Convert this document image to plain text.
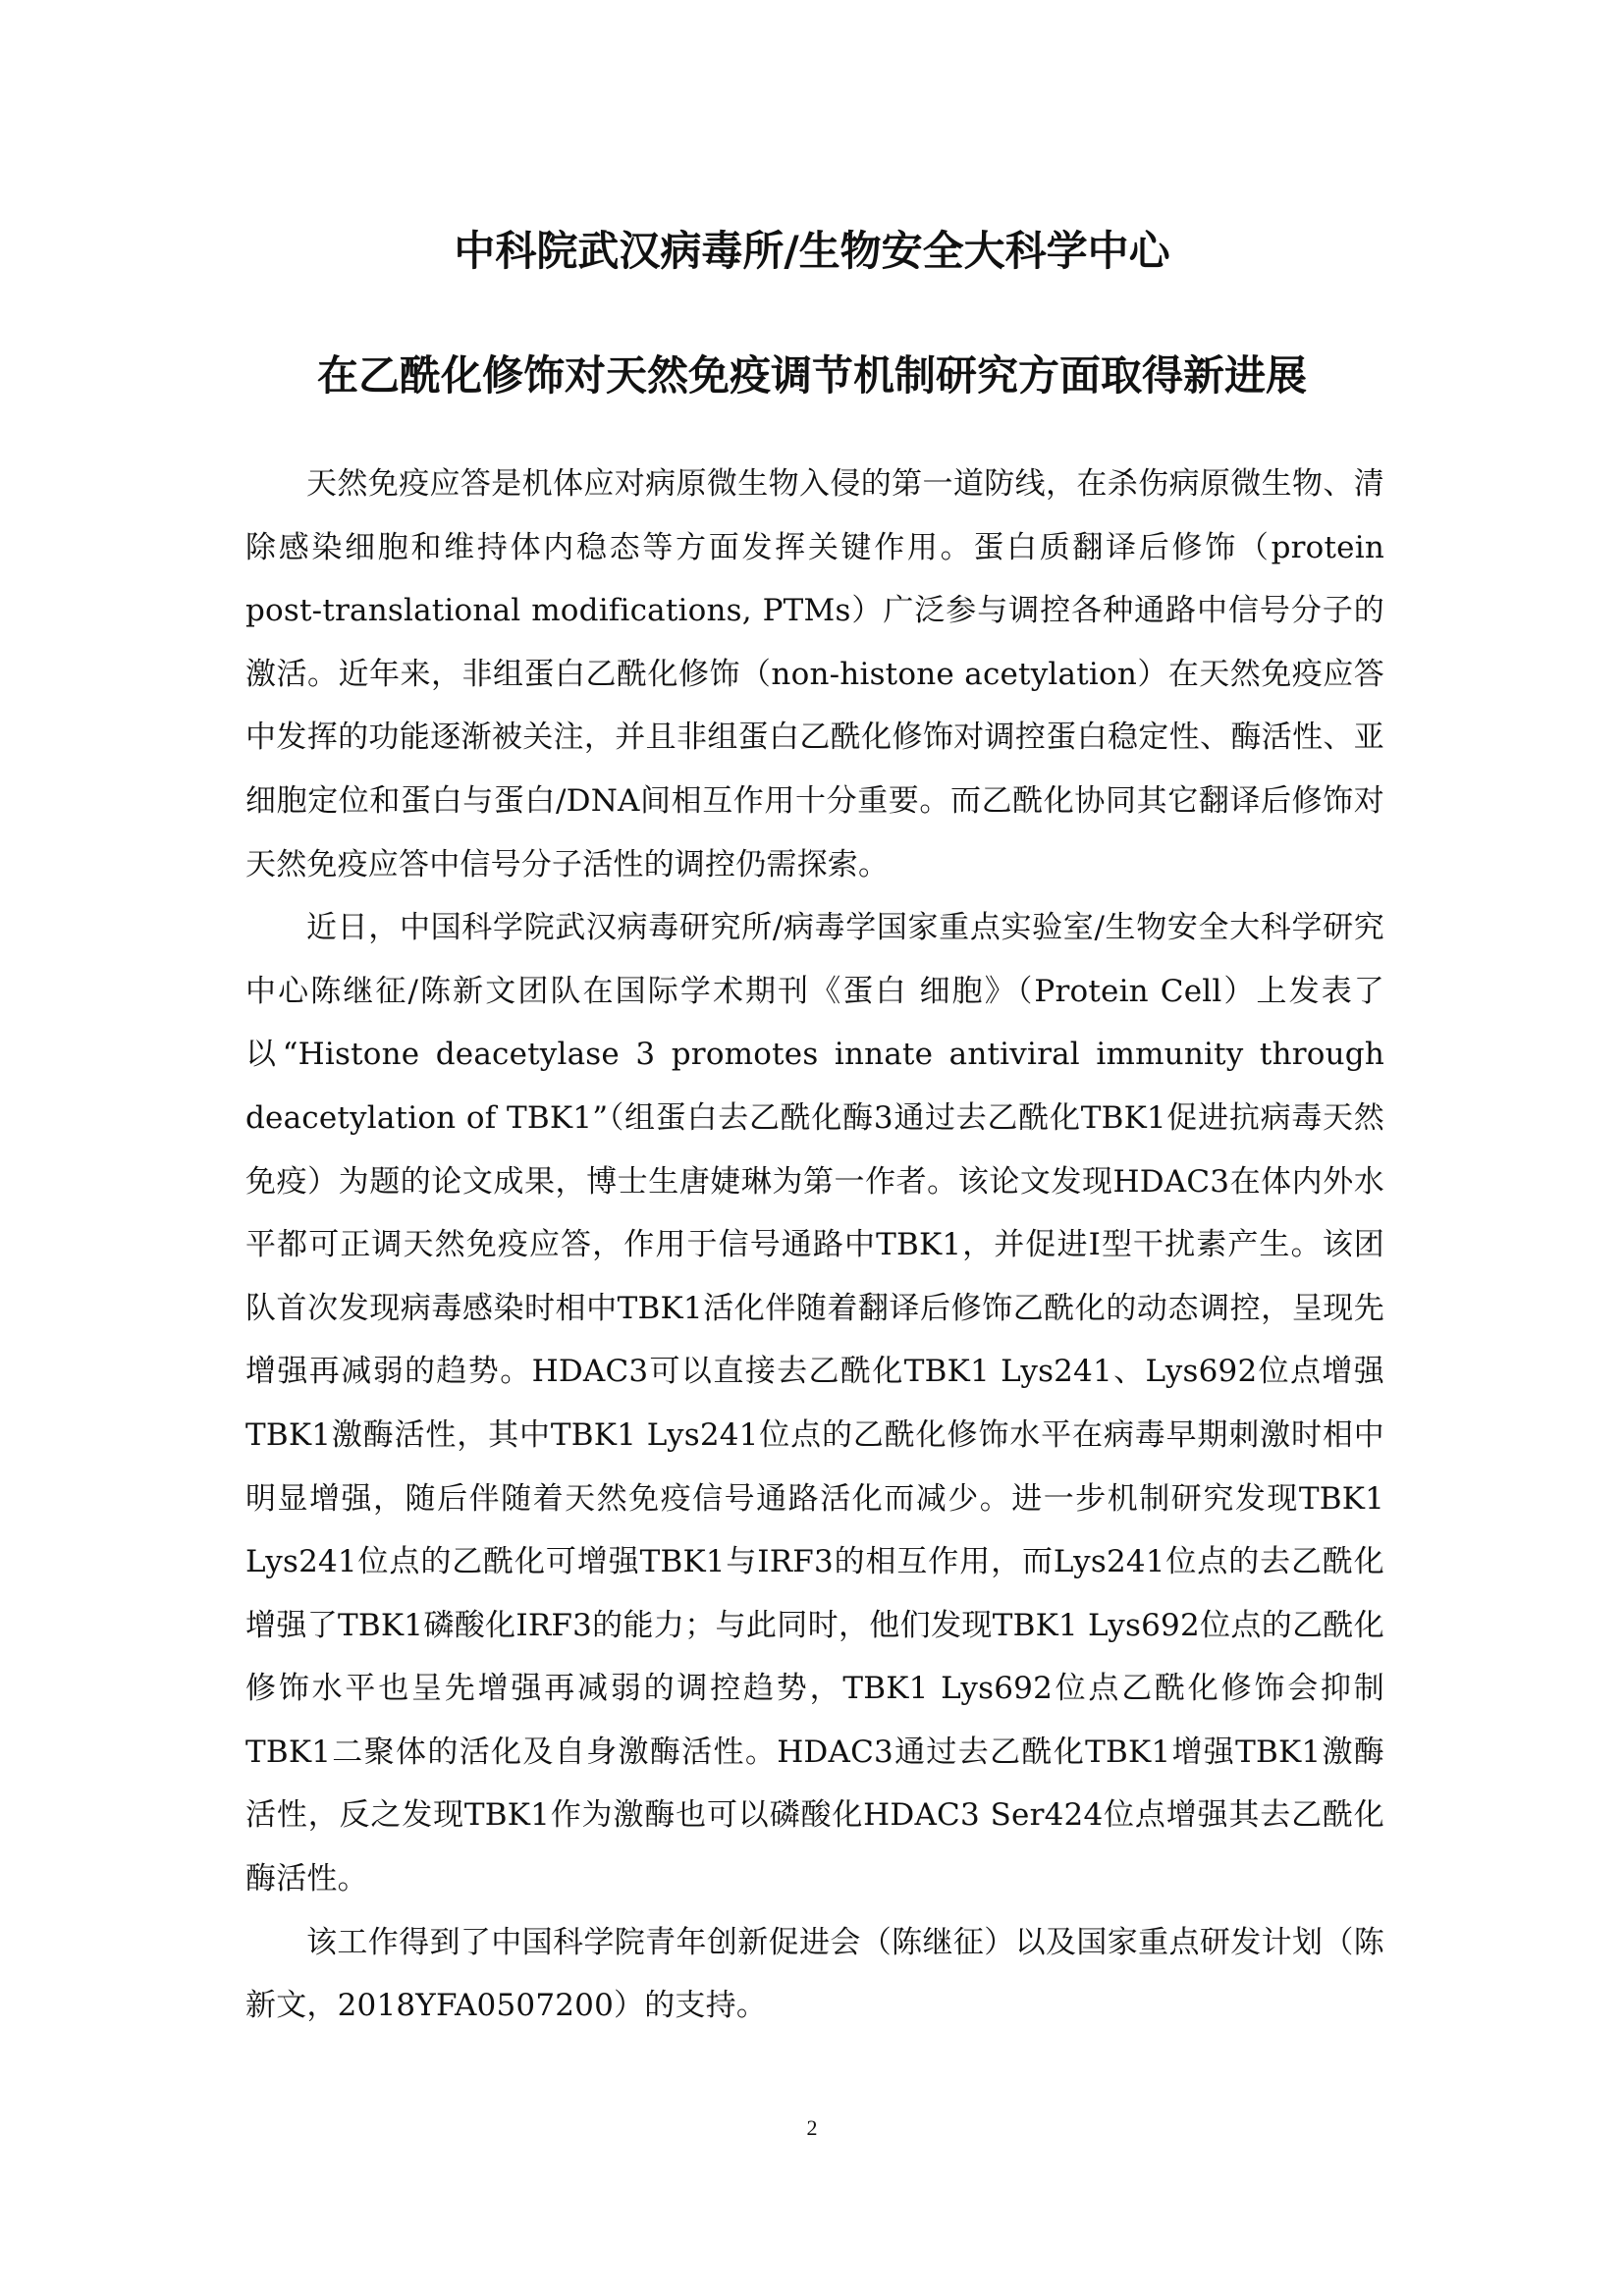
中科院武汉病毒所/生物安全大科学中心
在乙酰化修饰对天然免疫调节机制研究方面取得新进展

天然免疫应答是机体应对病原微生物入侵的第一道防线，在杀伤病原微生物、清除感染细胞和维持体内稳态等方面发挥关键作用。蛋白质翻译后修饰（protein post-translational modifications, PTMs）广泛参与调控各种通路中信号分子的激活。近年来，非组蛋白乙酰化修饰（non-histone acetylation）在天然免疫应答中发挥的功能逐渐被关注，并且非组蛋白乙酰化修饰对调控蛋白稳定性、酶活性、亚细胞定位和蛋白与蛋白/DNA间相互作用十分重要。而乙酰化协同其它翻译后修饰对天然免疫应答中信号分子活性的调控仍需探索。

近日，中国科学院武汉病毒研究所/病毒学国家重点实验室/生物安全大科学研究中心陈继征/陈新文团队在国际学术期刊《蛋白 细胞》（Protein Cell）上发表了以“Histone deacetylase 3 promotes innate antiviral immunity through deacetylation of TBK1”（组蛋白去乙酰化酶3通过去乙酰化TBK1促进抗病毒天然免疫）为题的论文成果，博士生唐婕琳为第一作者。该论文发现HDAC3在体内外水平都可正调天然免疫应答，作用于信号通路中TBK1，并促进Ⅰ型干扰素产生。该团队首次发现病毒感染时相中TBK1活化伴随着翻译后修饰乙酰化的动态调控，呈现先增强再减弱的趋势。HDAC3可以直接去乙酰化TBK1 Lys241、Lys692位点增强TBK1激酶活性，其中TBK1 Lys241位点的乙酰化修饰水平在病毒早期刺激时相中明显增强，随后伴随着天然免疫信号通路活化而减少。进一步机制研究发现TBK1 Lys241位点的乙酰化可增强TBK1与IRF3的相互作用，而Lys241位点的去乙酰化增强了TBK1磷酸化IRF3的能力；与此同时，他们发现TBK1 Lys692位点的乙酰化修饰水平也呈先增强再减弱的调控趋势，TBK1 Lys692位点乙酰化修饰会抑制TBK1二聚体的活化及自身激酶活性。HDAC3通过去乙酰化TBK1增强TBK1激酶活性，反之发现TBK1作为激酶也可以磷酸化HDAC3 Ser424位点增强其去乙酰化酶活性。

该工作得到了中国科学院青年创新促进会（陈继征）以及国家重点研发计划（陈新文，2018YFA0507200）的支持。

2
